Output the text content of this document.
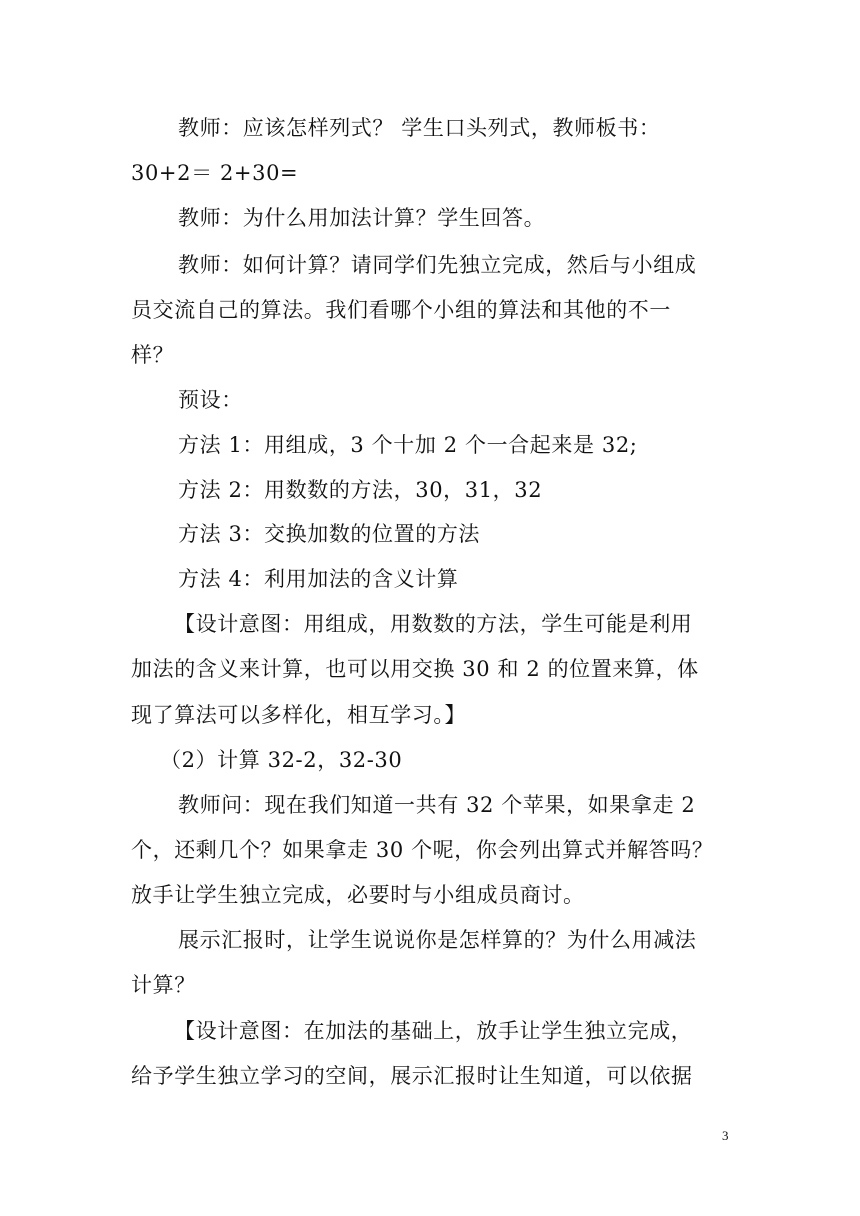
教师：应该怎样列式？ 学生口头列式，教师板书：
30+2＝ 2+30=
教师：为什么用加法计算？学生回答。
教师：如何计算？请同学们先独立完成，然后与小组成
员交流自己的算法。我们看哪个小组的算法和其他的不一
样？
预设：
方法 1：用组成，3 个十加 2 个一合起来是 32;
方法 2：用数数的方法，30，31，32
方法 3：交换加数的位置的方法
方法 4：利用加法的含义计算
【设计意图：用组成，用数数的方法，学生可能是利用
加法的含义来计算，也可以用交换 30 和 2 的位置来算，体
现了算法可以多样化，相互学习。】
（2）计算 32-2，32-30
教师问：现在我们知道一共有 32 个苹果，如果拿走 2
个，还剩几个？如果拿走 30 个呢，你会列出算式并解答吗？
放手让学生独立完成，必要时与小组成员商讨。
展示汇报时，让学生说说你是怎样算的？为什么用减法
计算？
【设计意图：在加法的基础上，放手让学生独立完成，
给予学生独立学习的空间，展示汇报时让生知道，可以依据
3
